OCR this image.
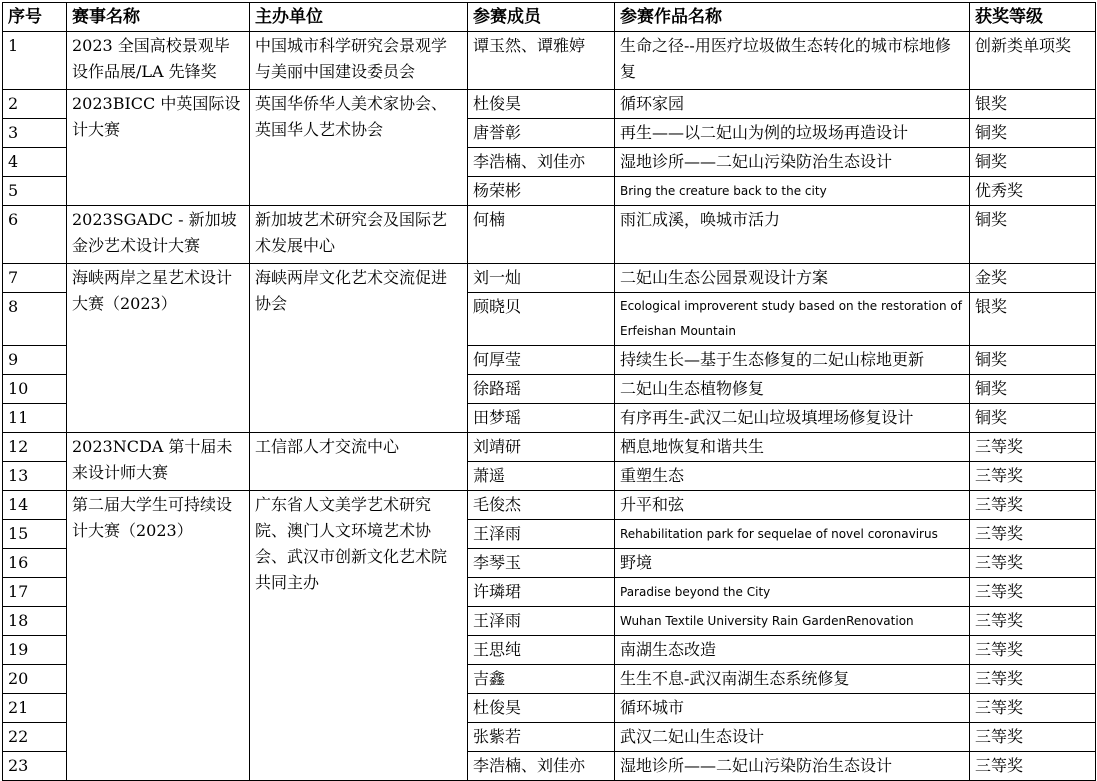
序号	赛事名称	主办单位	参赛成员	参赛作品名称	获奖等级
1	2023 全国高校景观毕设作品展/LA 先锋奖	中国城市科学研究会景观学与美丽中国建设委员会	谭玉然、谭雅婷	生命之径--用医疗垃圾做生态转化的城市棕地修复	创新类单项奖
2	2023BICC 中英国际设计大赛	英国华侨华人美术家协会、英国华人艺术协会	杜俊昊	循环家园	银奖
3			唐誉彰	再生——以二妃山为例的垃圾场再造设计	铜奖
4			李浩楠、刘佳亦	湿地诊所——二妃山污染防治生态设计	铜奖
5			杨荣彬	Bring the creature back to the city	优秀奖
6	2023SGADC - 新加坡金沙艺术设计大赛	新加坡艺术研究会及国际艺术发展中心	何楠	雨汇成溪，唤城市活力	铜奖
7	海峡两岸之星艺术设计大赛（2023）	海峡两岸文化艺术交流促进协会	刘一灿	二妃山生态公园景观设计方案	金奖
8			顾晓贝	Ecological improverent study based on the restoration of Erfeishan Mountain	银奖
9			何厚莹	持续生长—基于生态修复的二妃山棕地更新	铜奖
10			徐路瑶	二妃山生态植物修复	铜奖
11			田梦瑶	有序再生-武汉二妃山垃圾填埋场修复设计	铜奖
12	2023NCDA 第十届未来设计师大赛	工信部人才交流中心	刘靖研	栖息地恢复和谐共生	三等奖
13			萧遥	重塑生态	三等奖
14	第二届大学生可持续设计大赛（2023）	广东省人文美学艺术研究院、澳门人文环境艺术协会、武汉市创新文化艺术院共同主办	毛俊杰	升平和弦	三等奖
15			王泽雨	Rehabilitation park for sequelae of novel coronavirus	三等奖
16			李琴玉	野境	三等奖
17			许璘珺	Paradise beyond the City	三等奖
18			王泽雨	Wuhan Textile University Rain GardenRenovation	三等奖
19			王思纯	南湖生态改造	三等奖
20			吉鑫	生生不息-武汉南湖生态系统修复	三等奖
21			杜俊昊	循环城市	三等奖
22			张紫若	武汉二妃山生态设计	三等奖
23			李浩楠、刘佳亦	湿地诊所——二妃山污染防治生态设计	三等奖
